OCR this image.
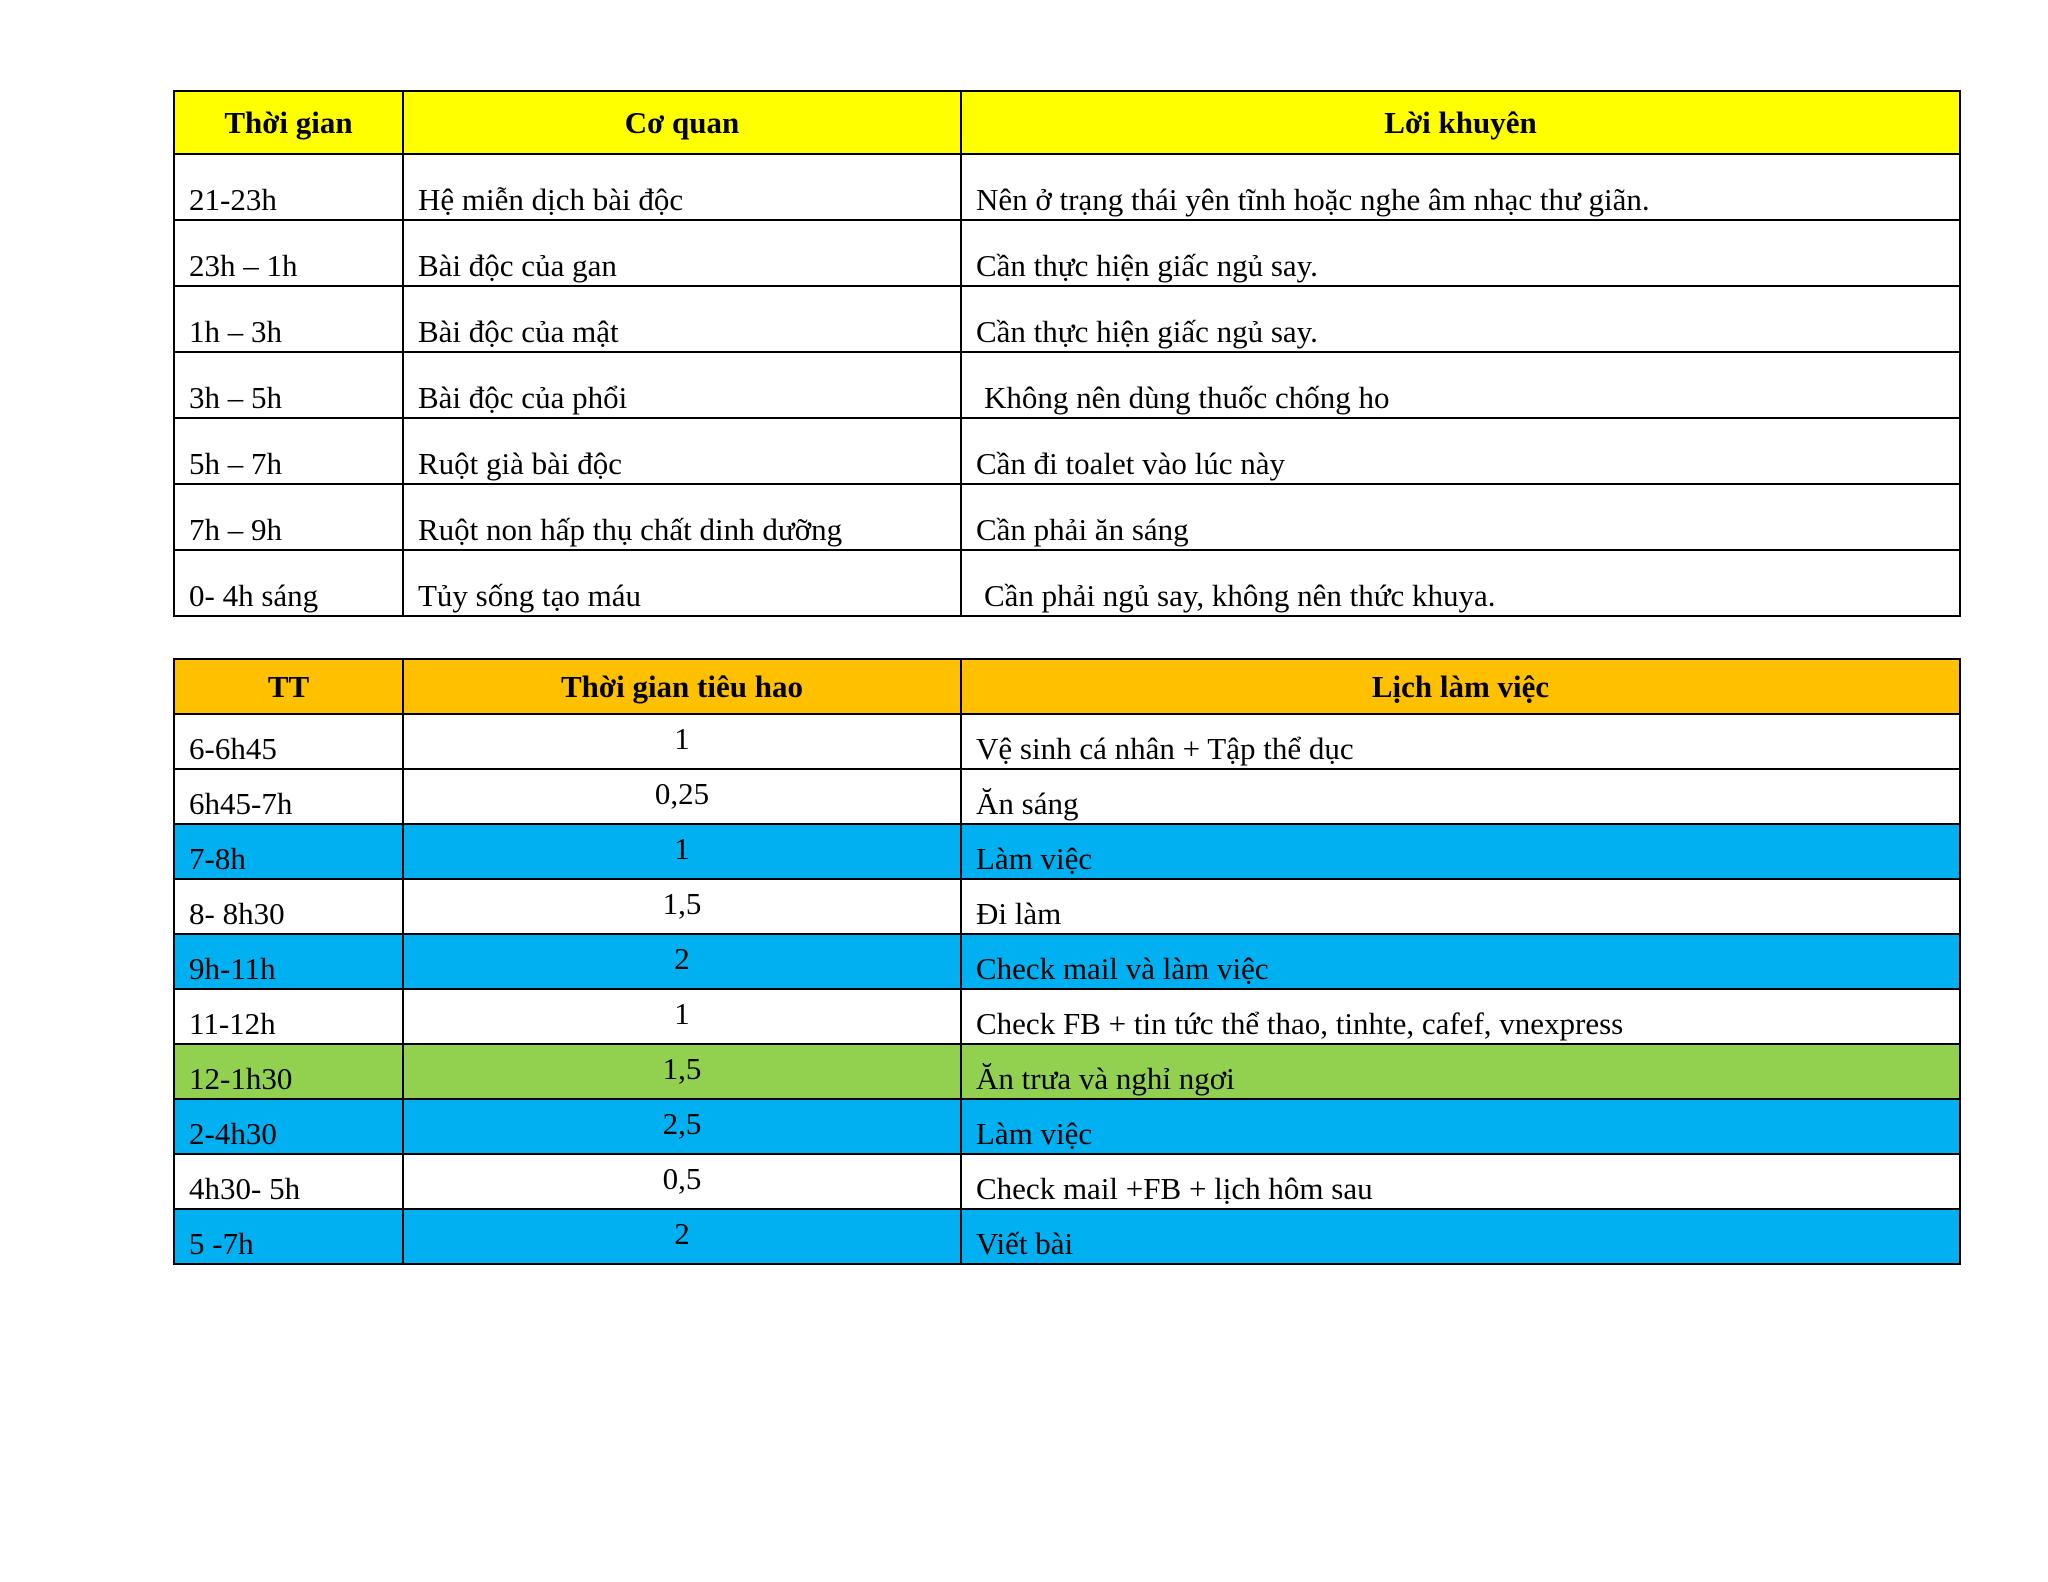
Thời gian	Cơ quan	Lời khuyên
21-23h	Hệ miễn dịch bài độc	Nên ở trạng thái yên tĩnh hoặc nghe âm nhạc thư giãn.
23h – 1h	Bài độc của gan	Cần thực hiện giấc ngủ say.
1h – 3h	Bài độc của mật	Cần thực hiện giấc ngủ say.
3h – 5h	Bài độc của phổi	Không nên dùng thuốc chống ho
5h – 7h	Ruột già bài độc	Cần đi toalet vào lúc này
7h – 9h	Ruột non hấp thụ chất dinh dưỡng	Cần phải ăn sáng
0- 4h sáng	Tủy sống tạo máu	Cần phải ngủ say, không nên thức khuya.
TT	Thời gian tiêu hao	Lịch làm việc
6-6h45	1	Vệ sinh cá nhân + Tập thể dục
6h45-7h	0,25	Ăn sáng
7-8h	1	Làm việc
8- 8h30	1,5	Đi làm
9h-11h	2	Check mail và làm việc
11-12h	1	Check FB + tin tức thể thao, tinhte, cafef, vnexpress
12-1h30	1,5	Ăn trưa và nghỉ ngơi
2-4h30	2,5	Làm việc
4h30- 5h	0,5	Check mail +FB + lịch hôm sau
5 -7h	2	Viết bài
